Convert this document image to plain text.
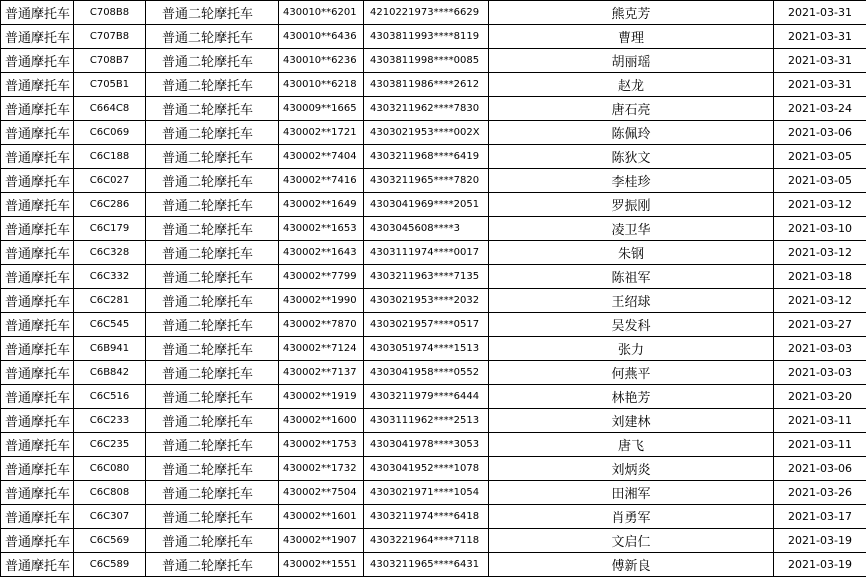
普通摩托车	C708B8	普通二轮摩托车	430010**6201	4210221973****6629	熊克芳	2021-03-31
普通摩托车	C707B8	普通二轮摩托车	430010**6436	4303811993****8119	曹理	2021-03-31
普通摩托车	C708B7	普通二轮摩托车	430010**6236	4303811998****0085	胡丽瑶	2021-03-31
普通摩托车	C705B1	普通二轮摩托车	430010**6218	4303811986****2612	赵龙	2021-03-31
普通摩托车	C664C8	普通二轮摩托车	430009**1665	4303211962****7830	唐石亮	2021-03-24
普通摩托车	C6C069	普通二轮摩托车	430002**1721	4303021953****002X	陈佩玲	2021-03-06
普通摩托车	C6C188	普通二轮摩托车	430002**7404	4303211968****6419	陈狄文	2021-03-05
普通摩托车	C6C027	普通二轮摩托车	430002**7416	4303211965****7820	李桂珍	2021-03-05
普通摩托车	C6C286	普通二轮摩托车	430002**1649	4303041969****2051	罗振刚	2021-03-12
普通摩托车	C6C179	普通二轮摩托车	430002**1653	4303045608****3	凌卫华	2021-03-10
普通摩托车	C6C328	普通二轮摩托车	430002**1643	4303111974****0017	朱钢	2021-03-12
普通摩托车	C6C332	普通二轮摩托车	430002**7799	4303211963****7135	陈祖军	2021-03-18
普通摩托车	C6C281	普通二轮摩托车	430002**1990	4303021953****2032	王绍球	2021-03-12
普通摩托车	C6C545	普通二轮摩托车	430002**7870	4303021957****0517	吴发科	2021-03-27
普通摩托车	C6B941	普通二轮摩托车	430002**7124	4303051974****1513	张力	2021-03-03
普通摩托车	C6B842	普通二轮摩托车	430002**7137	4303041958****0552	何燕平	2021-03-03
普通摩托车	C6C516	普通二轮摩托车	430002**1919	4303211979****6444	林艳芳	2021-03-20
普通摩托车	C6C233	普通二轮摩托车	430002**1600	4303111962****2513	刘建林	2021-03-11
普通摩托车	C6C235	普通二轮摩托车	430002**1753	4303041978****3053	唐飞	2021-03-11
普通摩托车	C6C080	普通二轮摩托车	430002**1732	4303041952****1078	刘炳炎	2021-03-06
普通摩托车	C6C808	普通二轮摩托车	430002**7504	4303021971****1054	田湘军	2021-03-26
普通摩托车	C6C307	普通二轮摩托车	430002**1601	4303211974****6418	肖勇军	2021-03-17
普通摩托车	C6C569	普通二轮摩托车	430002**1907	4303221964****7118	文启仁	2021-03-19
普通摩托车	C6C589	普通二轮摩托车	430002**1551	4303211965****6431	傅新良	2021-03-19
